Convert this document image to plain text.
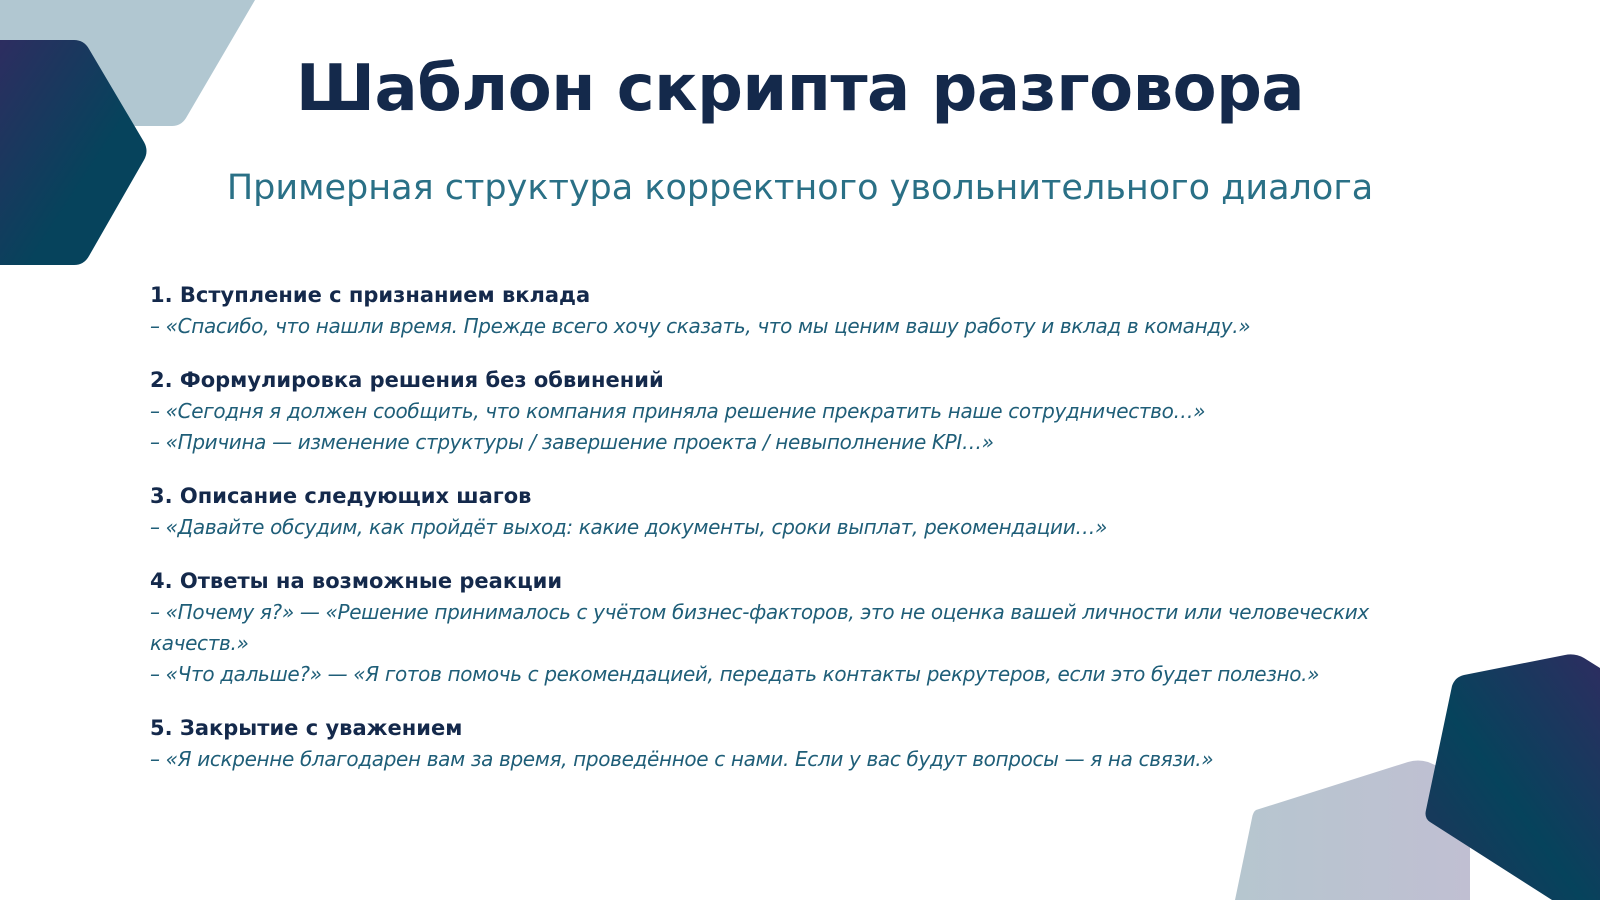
Шаблон скрипта разговора
Примерная структура корректного увольнительного диалога
1. Вступление с признанием вклада
– «Спасибо, что нашли время. Прежде всего хочу сказать, что мы ценим вашу работу и вклад в команду.»
2. Формулировка решения без обвинений
– «Сегодня я должен сообщить, что компания приняла решение прекратить наше сотрудничество…»
– «Причина — изменение структуры / завершение проекта / невыполнение KPI…»
3. Описание следующих шагов
– «Давайте обсудим, как пройдёт выход: какие документы, сроки выплат, рекомендации…»
4. Ответы на возможные реакции
– «Почему я?» — «Решение принималось с учётом бизнес-факторов, это не оценка вашей личности или человеческих качеств.»
– «Что дальше?» — «Я готов помочь с рекомендацией, передать контакты рекрутеров, если это будет полезно.»
5. Закрытие с уважением
– «Я искренне благодарен вам за время, проведённое с нами. Если у вас будут вопросы — я на связи.»
